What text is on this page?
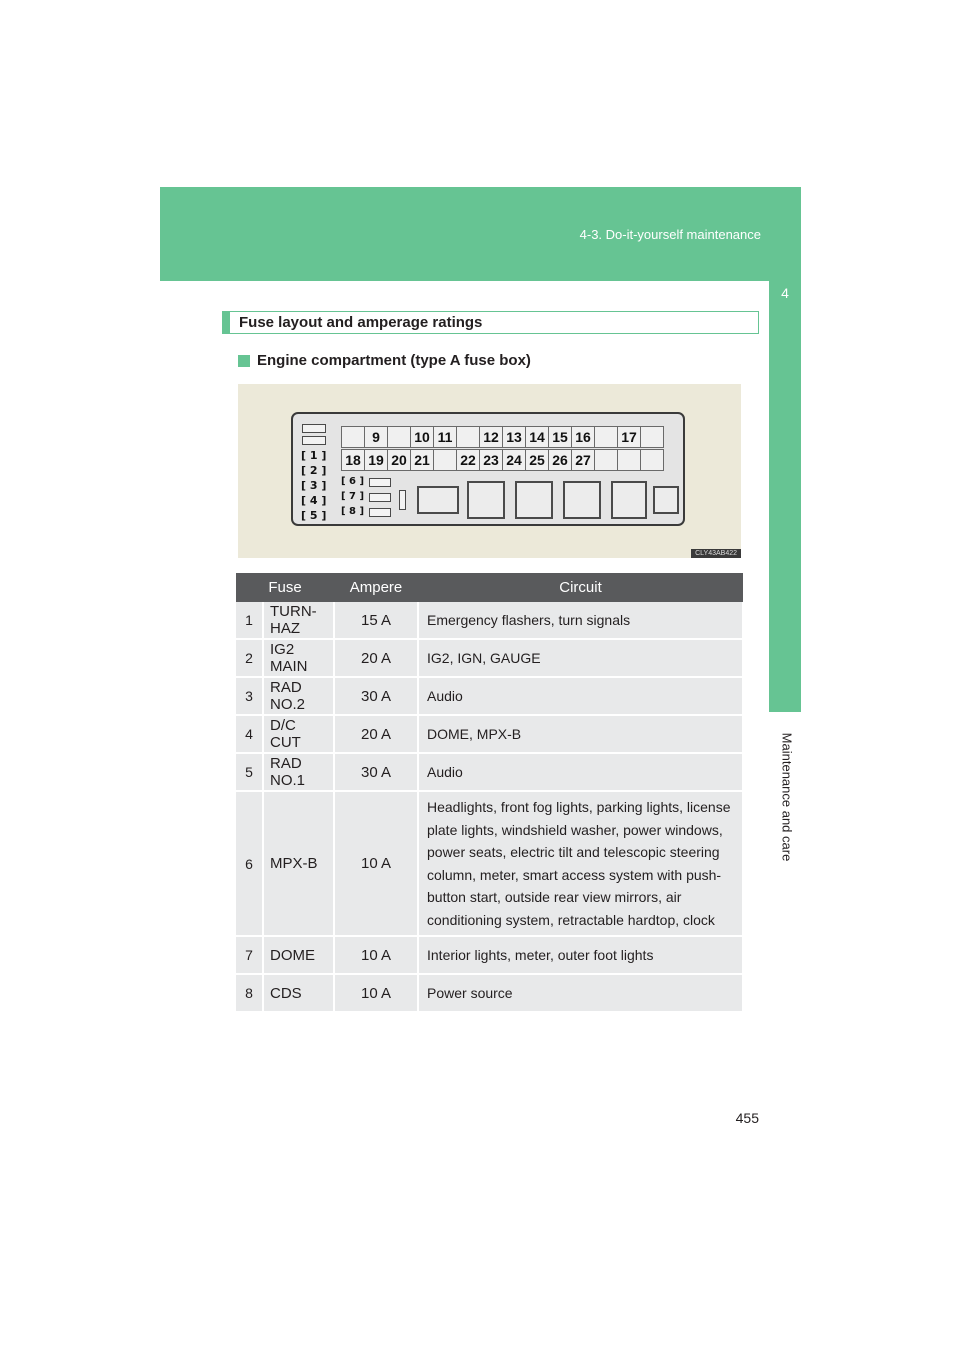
4-3. Do-it-yourself maintenance
4
Maintenance and care
Fuse layout and amperage ratings
Engine compartment (type A fuse box)
[ 1 ]
[ 2 ]
[ 3 ]
[ 4 ]
[ 5 ]
[ 6 ]
[ 7 ]
[ 8 ]
9	10 11	12 13 14 15 16	17
18 19 20 21	22 23 24 25 26 27
CLY43AB422
Fuse		Ampere	Circuit
1	TURN-HAZ	15 A	Emergency flashers, turn signals
2	IG2 MAIN	20 A	IG2, IGN, GAUGE
3	RAD NO.2	30 A	Audio
4	D/C CUT	20 A	DOME, MPX-B
5	RAD NO.1	30 A	Audio
6	MPX-B	10 A	Headlights, front fog lights, parking lights, license plate lights, windshield washer, power windows, power seats, electric tilt and telescopic steering column, meter, smart access system with push-button start, outside rear view mirrors, air conditioning system, retractable hardtop, clock
7	DOME	10 A	Interior lights, meter, outer foot lights
8	CDS	10 A	Power source
455
